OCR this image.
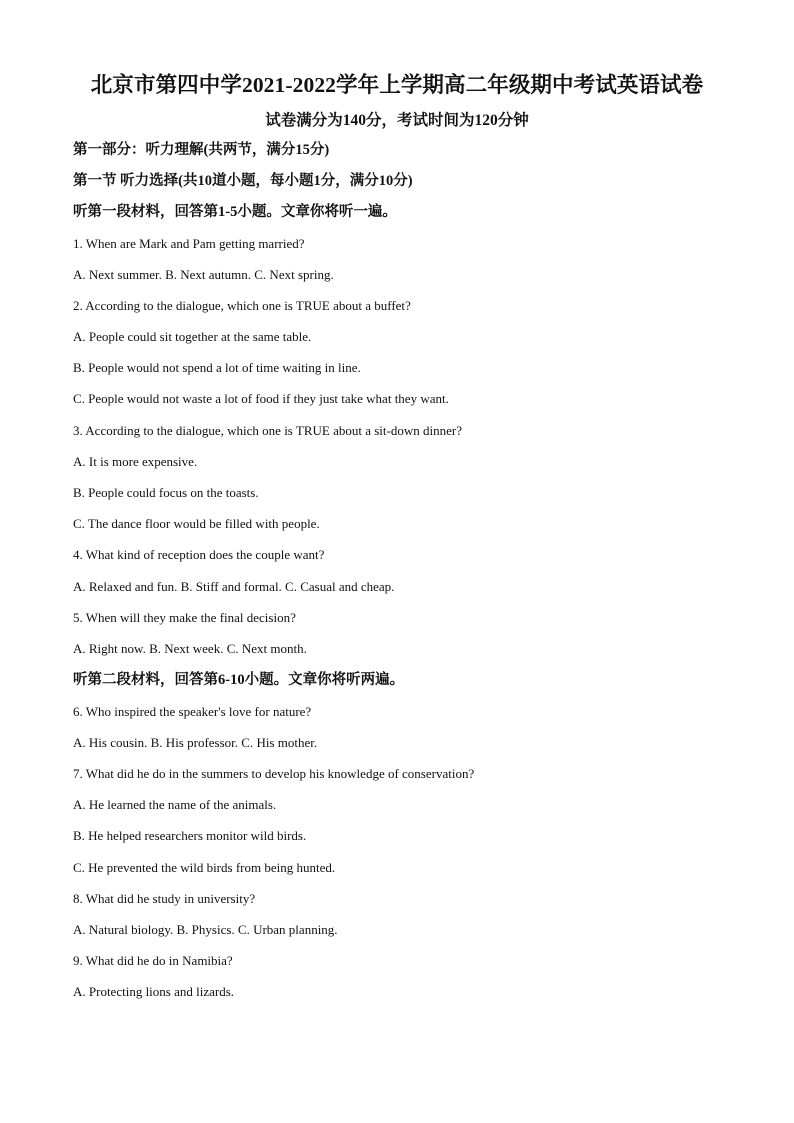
北京市第四中学2021-2022学年上学期高二年级期中考试英语试卷
试卷满分为140分，考试时间为120分钟
第一部分：听力理解(共两节，满分15分)
第一节 听力选择(共10道小题，每小题1分，满分10分)
听第一段材料，回答第1-5小题。文章你将听一遍。
1. When are Mark and Pam getting married?
A. Next summer. B. Next autumn. C. Next spring.
2. According to the dialogue, which one is TRUE about a buffet?
A. People could sit together at the same table.
B. People would not spend a lot of time waiting in line.
C. People would not waste a lot of food if they just take what they want.
3. According to the dialogue, which one is TRUE about a sit-down dinner?
A. It is more expensive.
B. People could focus on the toasts.
C. The dance floor would be filled with people.
4. What kind of reception does the couple want?
A. Relaxed and fun. B. Stiff and formal. C. Casual and cheap.
5. When will they make the final decision?
A. Right now. B. Next week. C. Next month.
听第二段材料，回答第6-10小题。文章你将听两遍。
6. Who inspired the speaker's love for nature?
A. His cousin. B. His professor. C. His mother.
7. What did he do in the summers to develop his knowledge of conservation?
A. He learned the name of the animals.
B. He helped researchers monitor wild birds.
C. He prevented the wild birds from being hunted.
8. What did he study in university?
A. Natural biology. B. Physics. C. Urban planning.
9. What did he do in Namibia?
A. Protecting lions and lizards.
